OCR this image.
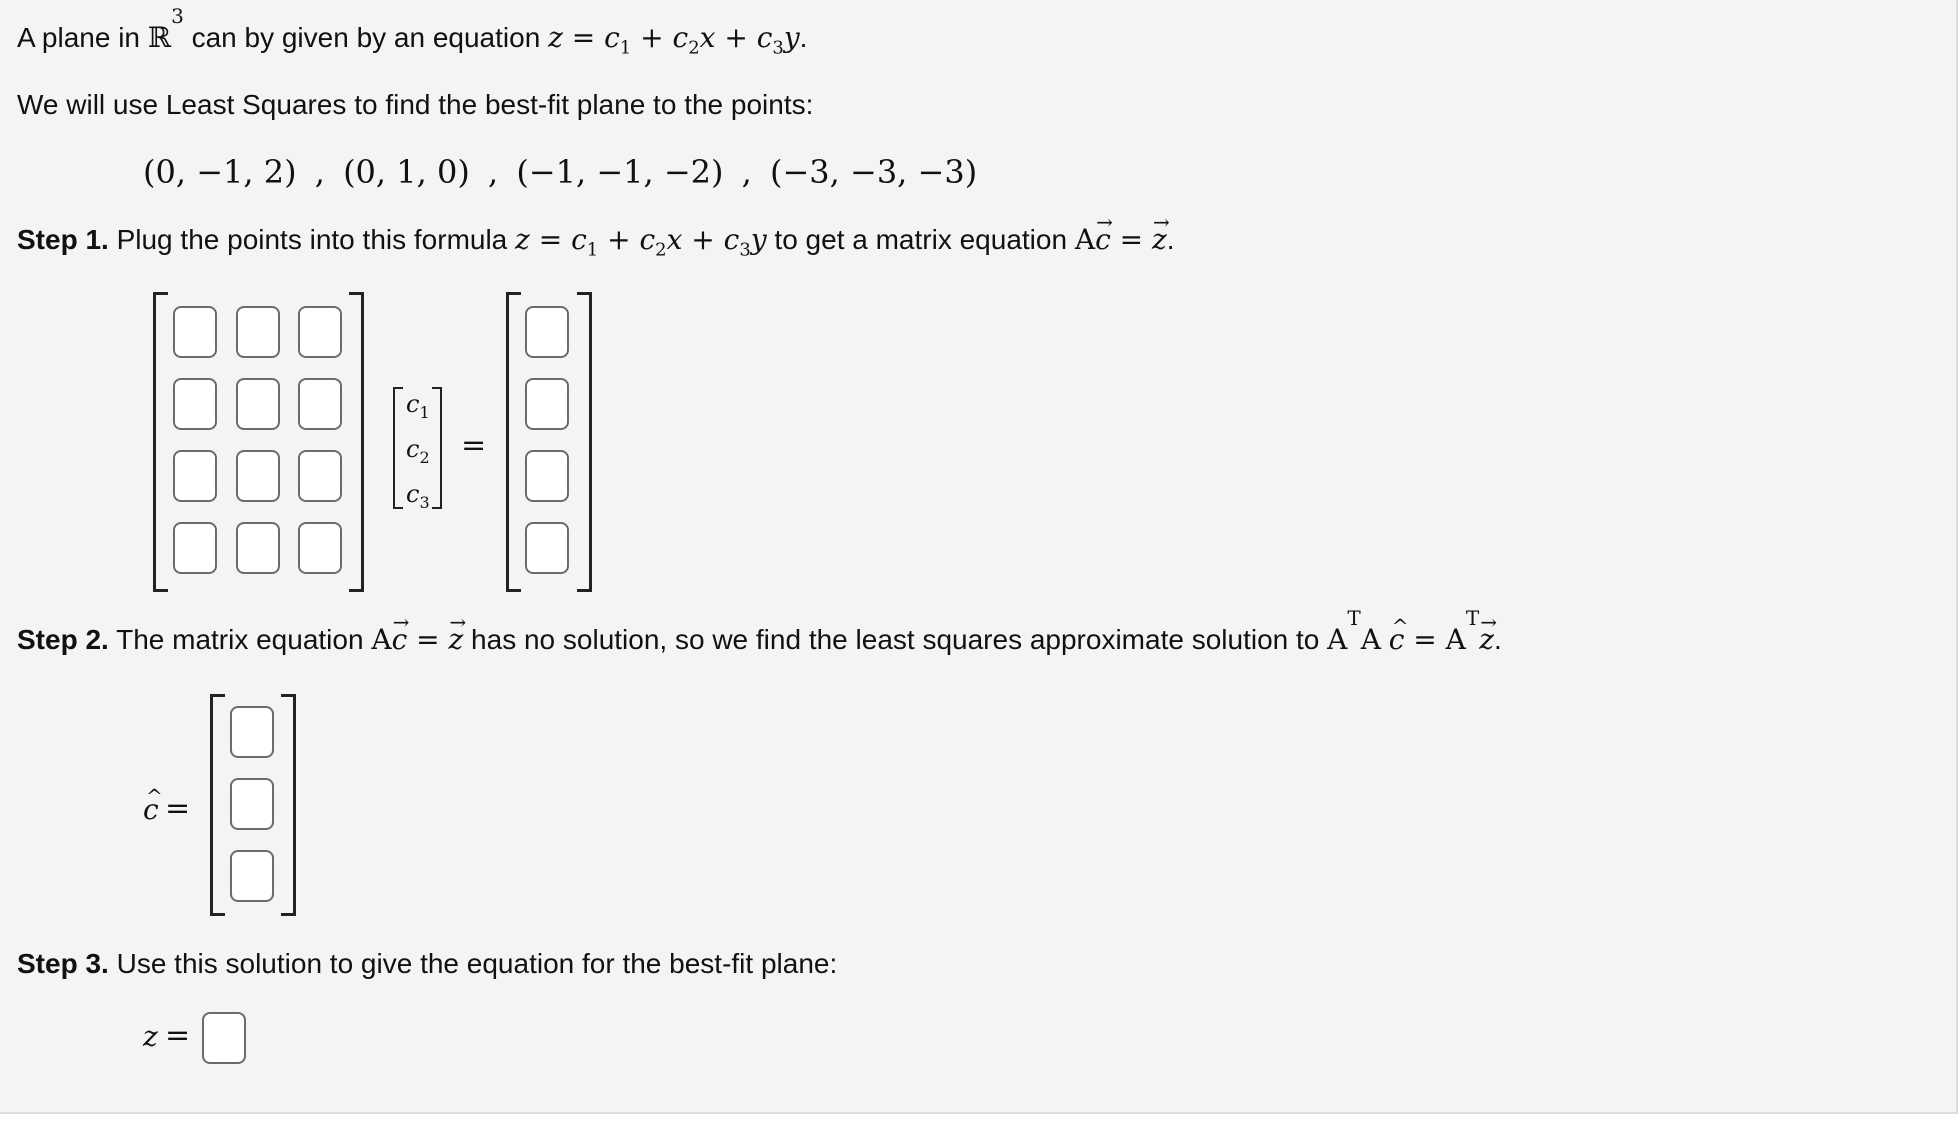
A plane in ℝ$^3$ can by given by an equation $z = c_1 + c_2x + c_3y$.
We will use Least Squares to find the best-fit plane to the points:
(0, −1, 2) , (0, 1, 0) , (−1, −1, −2) , (−3, −3, −3)
Step 1. Plug the points into this formula $z = c_1 + c_2x + c_3y$ to get a matrix equation A→ c = → z.
$c_1$
$c_2$
$c_3$
=
Step 2. The matrix equation A→ c = → z has no solution, so we find the least squares approximate solution to $A^TA$ ^ $c = A^T\to z$.
^ c =
Step 3. Use this solution to give the equation for the best-fit plane:
z =
